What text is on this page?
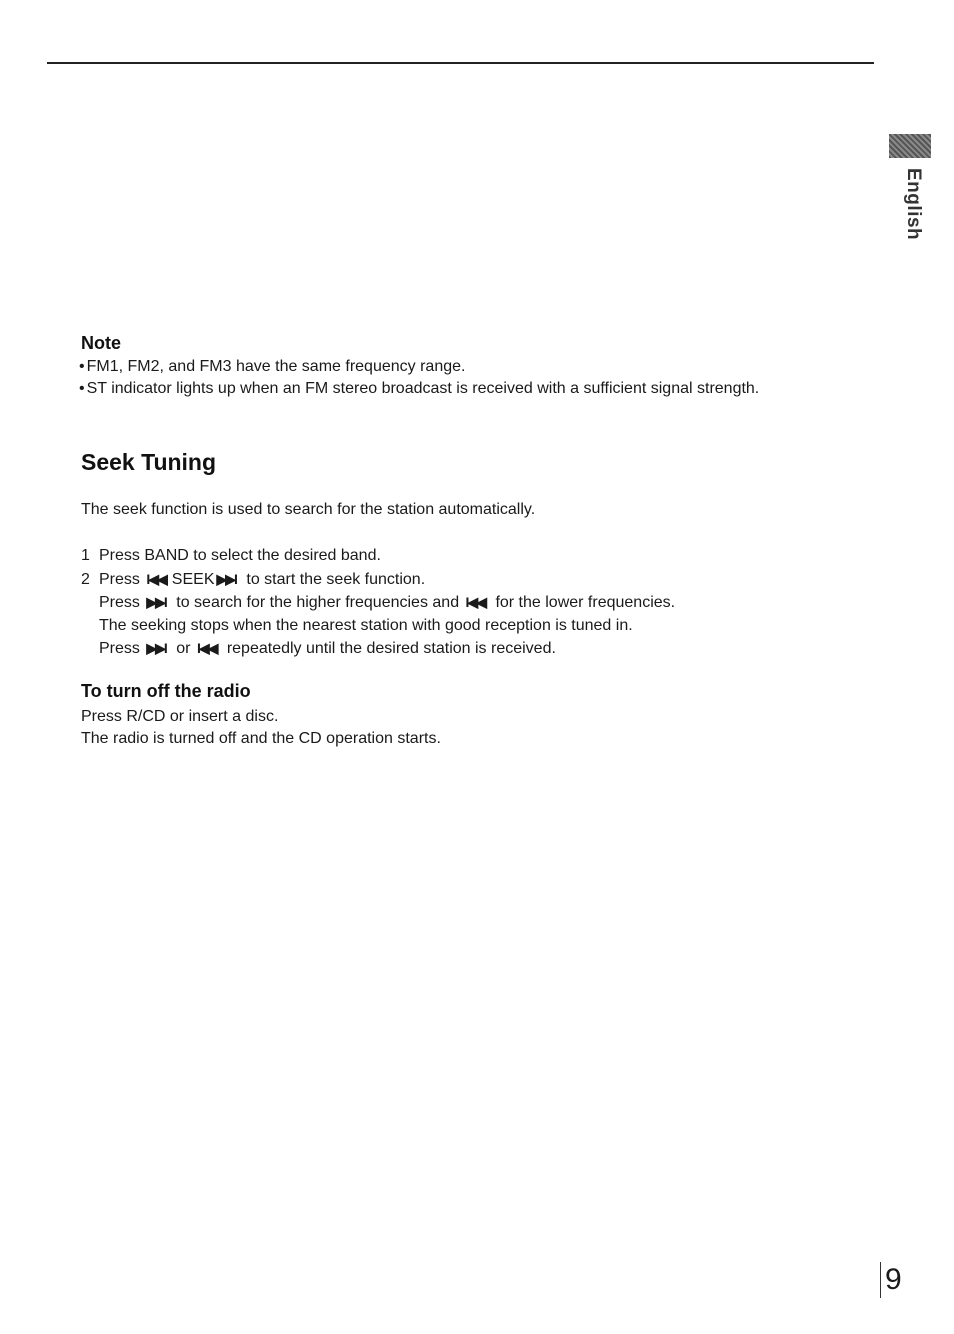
English
Note
• FM1, FM2, and FM3 have the same frequency range.
• ST indicator lights up when an FM stereo broadcast is received with a sufficient signal strength.
Seek Tuning

The seek function is used to search for the station automatically.

1 Press BAND to select the desired band.
2 Press I◀◀ SEEK ▶▶I to start the seek function.
Press ▶▶I to search for the higher frequencies and I◀◀ for the lower frequencies.
The seeking stops when the nearest station with good reception is tuned in.
Press ▶▶I or I◀◀ repeatedly until the desired station is received.
To turn off the radio
Press R/CD or insert a disc.
The radio is turned off and the CD operation starts.
9
